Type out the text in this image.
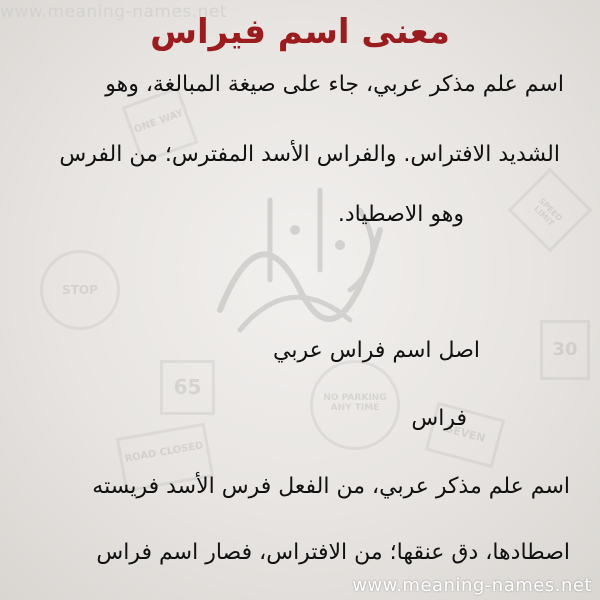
ONE WAY
STOP
65
ROAD CLOSED
NO PARKING ANY TIME
SEVEN
30
SPEED LIMIT
www.meaning-names.net
معنى اسم فيراس
اسم علم مذكر عربي، جاء على صيغة المبالغة، وهو
الشديد الافتراس. والفراس الأسد المفترس؛ من الفرس
وهو الاصطياد.
اصل اسم فراس عربي
فراس
اسم علم مذكر عربي، من الفعل فرس الأسد فريسته
اصطادها، دق عنقها؛ من الافتراس، فصار اسم فراس
www.meaning-names.net
